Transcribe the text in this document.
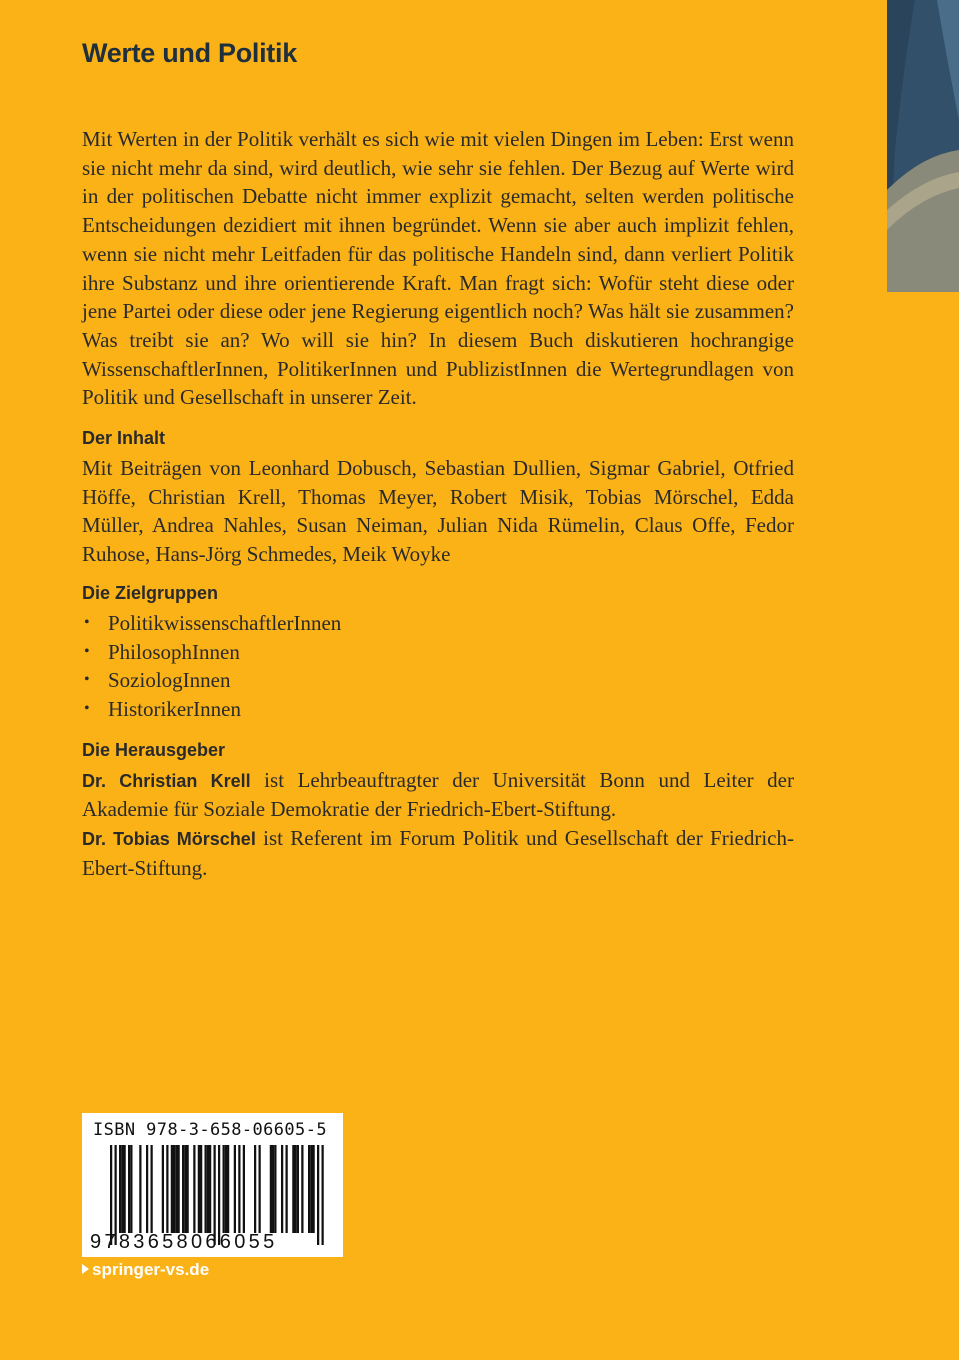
Werte und Politik

Mit Werten in der Politik verhält es sich wie mit vielen Dingen im Leben: Erst wenn sie nicht mehr da sind, wird deutlich, wie sehr sie fehlen. Der Bezug auf Werte wird in der politischen Debatte nicht immer explizit gemacht, selten werden politische Entscheidungen dezidiert mit ihnen begründet. Wenn sie aber auch implizit fehlen, wenn sie nicht mehr Leitfaden für das politische Handeln sind, dann verliert Politik ihre Substanz und ihre orientierende Kraft. Man fragt sich: Wofür steht diese oder jene Partei oder diese oder jene Regierung eigentlich noch? Was hält sie zusammen? Was treibt sie an? Wo will sie hin? In diesem Buch diskutieren hochrangige WissenschaftlerInnen, PolitikerInnen und PublizistInnen die Wertegrundlagen von Politik und Gesellschaft in unserer Zeit.

Der Inhalt

Mit Beiträgen von Leonhard Dobusch, Sebastian Dullien, Sigmar Gabriel, Otfried Höffe, Christian Krell, Thomas Meyer, Robert Misik, Tobias Mörschel, Edda Müller, Andrea Nahles, Susan Neiman, Julian Nida Rümelin, Claus Offe, Fedor Ruhose, Hans-Jörg Schmedes, Meik Woyke

Die Zielgruppen
• PolitikwissenschaftlerInnen
• PhilosophInnen
• SoziologInnen
• HistorikerInnen
Die Herausgeber

Dr. Christian Krell ist Lehrbeauftragter der Universität Bonn und Leiter der Akademie für Soziale Demokratie der Friedrich-Ebert-Stiftung.
Dr. Tobias Mörschel ist Referent im Forum Politik und Gesellschaft der Friedrich-Ebert-Stiftung.

ISBN 978-3-658-06605-5
9783658066055
springer-vs.de
